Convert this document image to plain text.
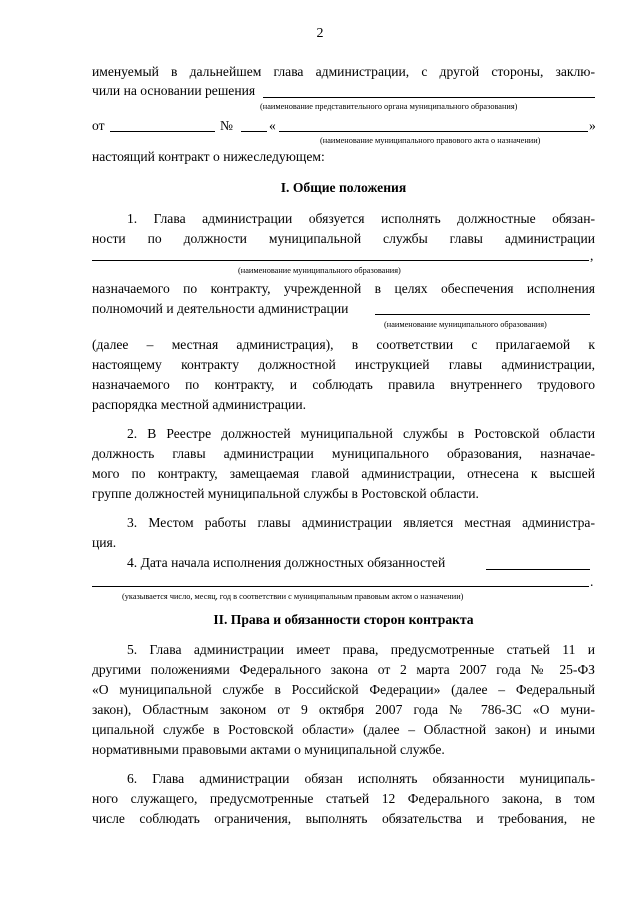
2
именуемый в дальнейшем глава администрации, с другой стороны, заклю-
чили на основании решения
(наименование представительного органа муниципального образования)
от	№	«	»
(наименование муниципального правового акта о назначении)
настоящий контракт о нижеследующем:
I. Общие положения
1. Глава администрации обязуется исполнять должностные обязан-
ности по должности муниципальной службы главы администрации
,
(наименование муниципального образования)
назначаемого по контракту, учрежденной в целях обеспечения исполнения
полномочий и деятельности администрации
(наименование муниципального образования)
(далее – местная администрация), в соответствии с прилагаемой к
настоящему контракту должностной инструкцией главы администрации,
назначаемого по контракту, и соблюдать правила внутреннего трудового
распорядка местной администрации.
2. В Реестре должностей муниципальной службы в Ростовской области
должность главы администрации муниципального образования, назначае-
мого по контракту, замещаемая главой администрации, отнесена к высшей
группе должностей муниципальной службы в Ростовской области.
3. Местом работы главы администрации является местная администра-
ция.
4. Дата начала исполнения должностных обязанностей
.
(указывается число, месяц, год в соответствии с муниципальным правовым актом о назначении)
II. Права и обязанности сторон контракта
5. Глава администрации имеет права, предусмотренные статьей 11 и
другими положениями Федерального закона от 2 марта 2007 года № 25-ФЗ
«О муниципальной службе в Российской Федерации» (далее – Федеральный
закон), Областным законом от 9 октября 2007 года № 786-ЗС «О муни-
ципальной службе в Ростовской области» (далее – Областной закон) и иными
нормативными правовыми актами о муниципальной службе.
6. Глава администрации обязан исполнять обязанности муниципаль-
ного служащего, предусмотренные статьей 12 Федерального закона, в том
числе соблюдать ограничения, выполнять обязательства и требования, не
